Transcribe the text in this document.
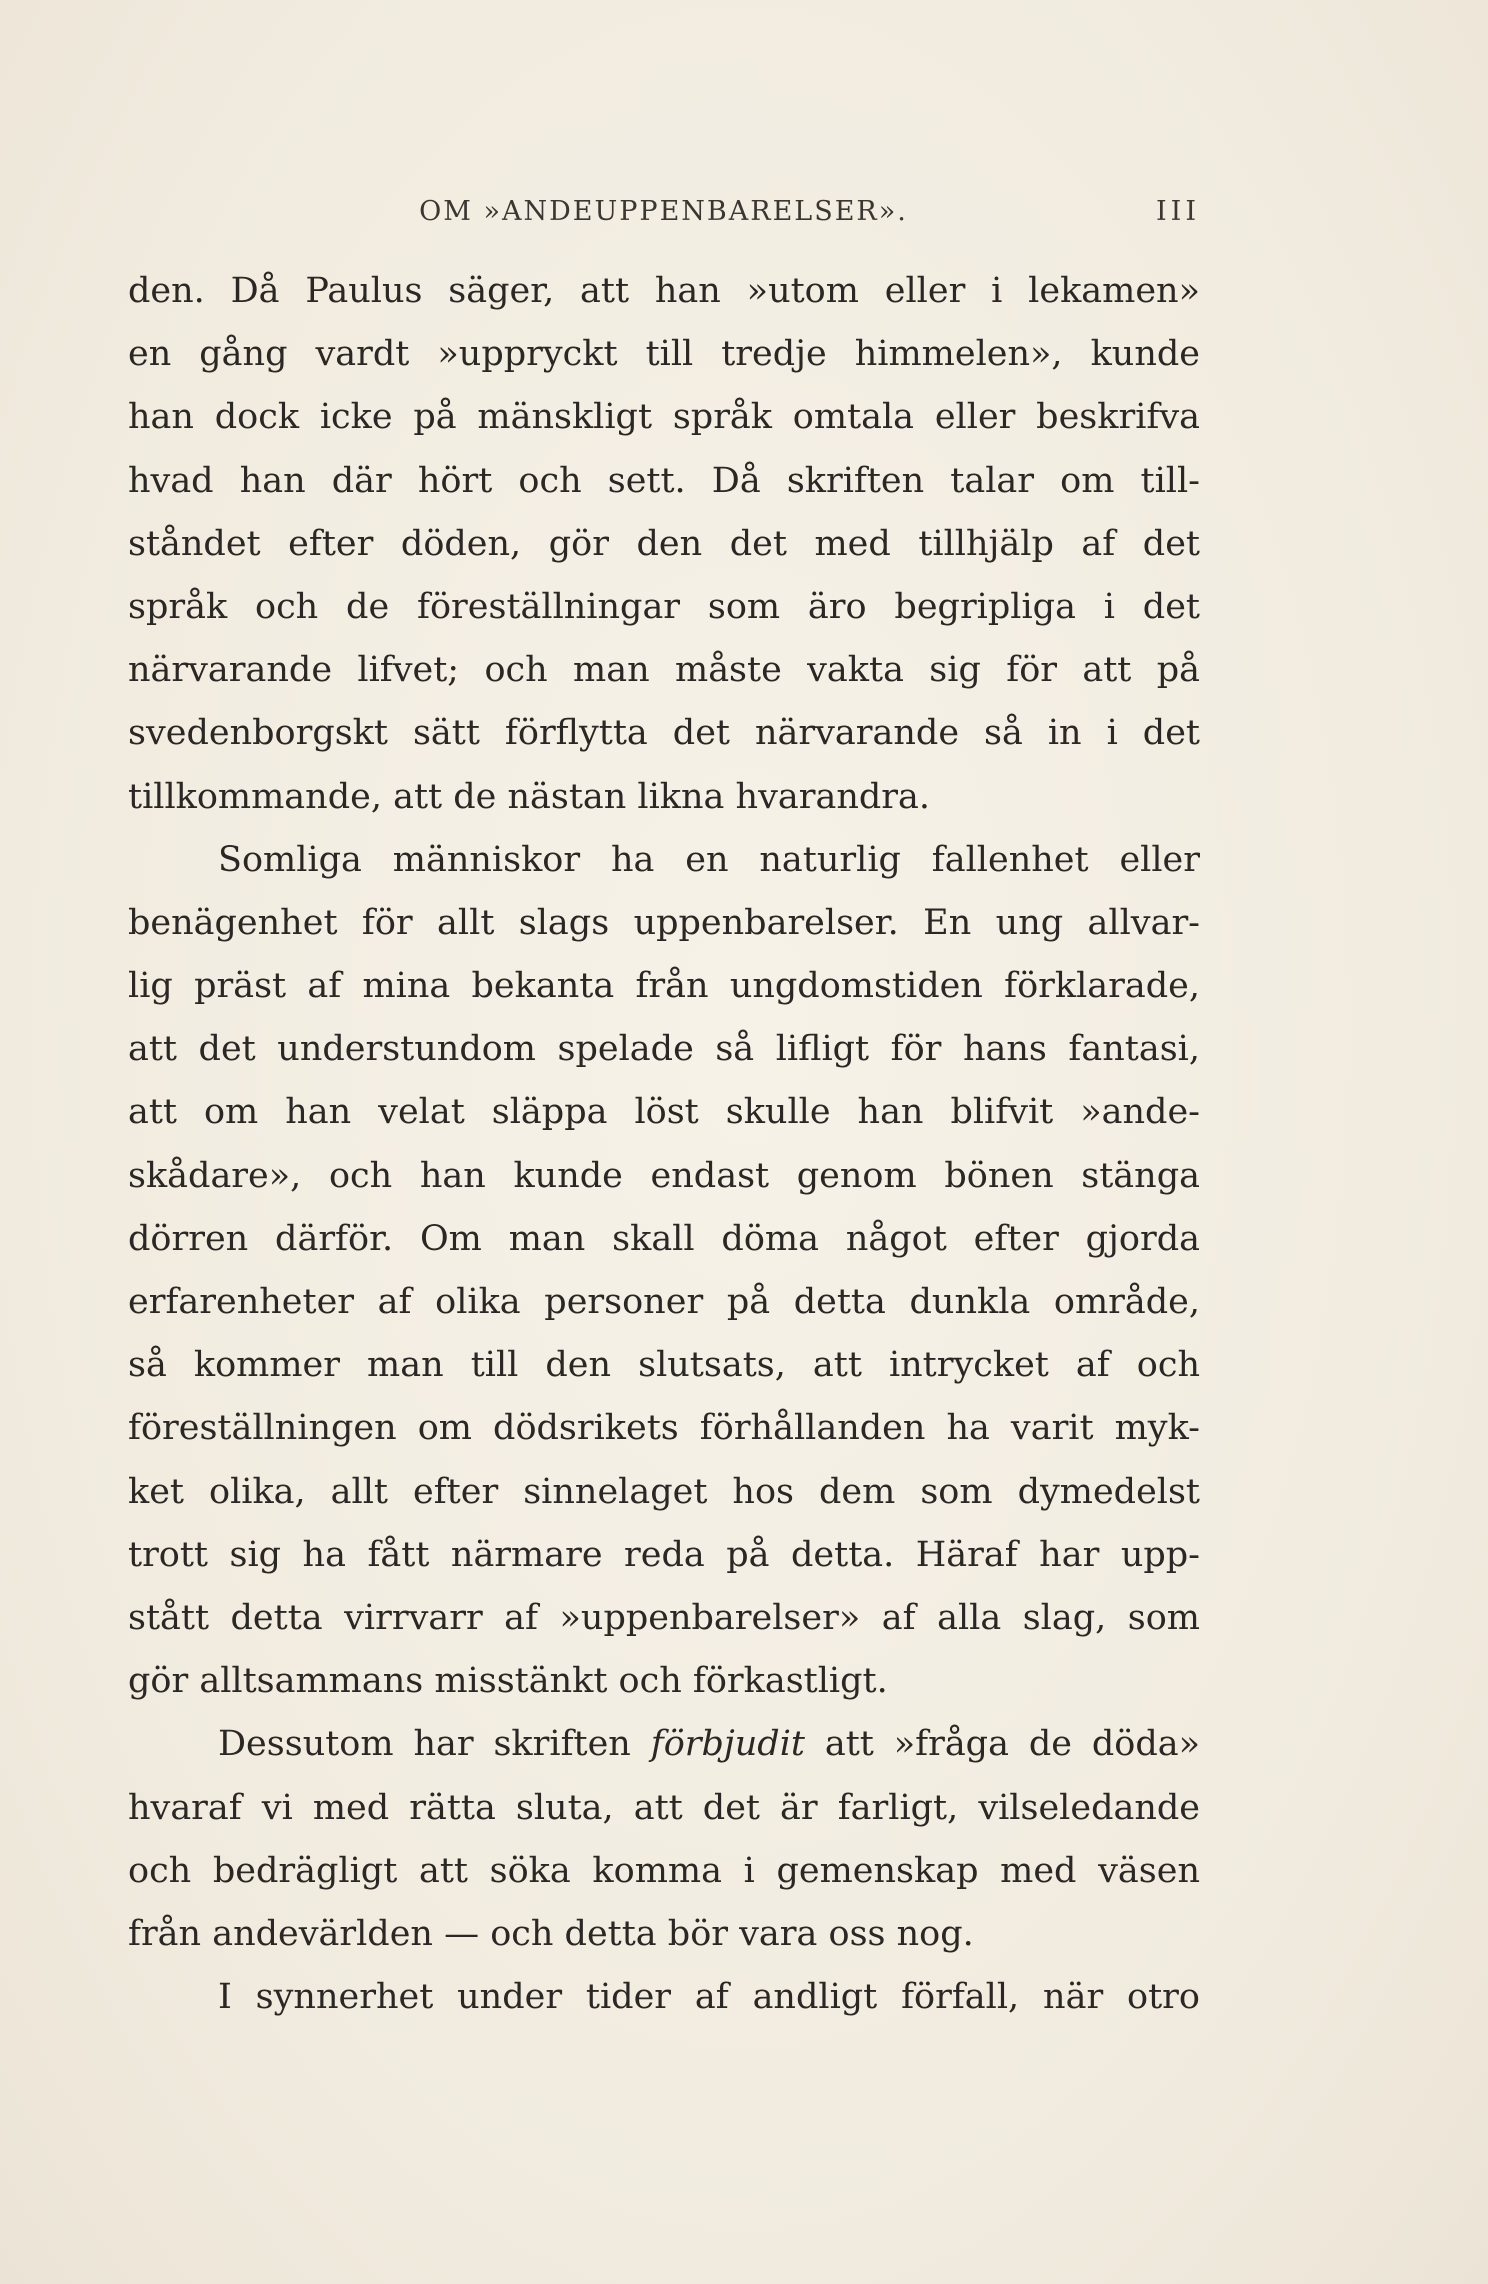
OM »ANDEUPPENBARELSER».	III
den. Då Paulus säger, att han »utom eller i lekamen»
en gång vardt »uppryckt till tredje himmelen», kunde
han dock icke på mänskligt språk omtala eller beskrifva
hvad han där hört och sett. Då skriften talar om till-
ståndet efter döden, gör den det med tillhjälp af det
språk och de föreställningar som äro begripliga i det
närvarande lifvet; och man måste vakta sig för att på
svedenborgskt sätt förflytta det närvarande så in i det
tillkommande, att de nästan likna hvarandra.
Somliga människor ha en naturlig fallenhet eller
benägenhet för allt slags uppenbarelser. En ung allvar-
lig präst af mina bekanta från ungdomstiden förklarade,
att det understundom spelade så lifligt för hans fantasi,
att om han velat släppa löst skulle han blifvit »ande-
skådare», och han kunde endast genom bönen stänga
dörren därför. Om man skall döma något efter gjorda
erfarenheter af olika personer på detta dunkla område,
så kommer man till den slutsats, att intrycket af och
föreställningen om dödsrikets förhållanden ha varit myk-
ket olika, allt efter sinnelaget hos dem som dymedelst
trott sig ha fått närmare reda på detta. Häraf har upp-
stått detta virrvarr af »uppenbarelser» af alla slag, som
gör alltsammans misstänkt och förkastligt.
Dessutom har skriften förbjudit att »fråga de döda»
hvaraf vi med rätta sluta, att det är farligt, vilseledande
och bedrägligt att söka komma i gemenskap med väsen
från andevärlden — och detta bör vara oss nog.
I synnerhet under tider af andligt förfall, när otro
